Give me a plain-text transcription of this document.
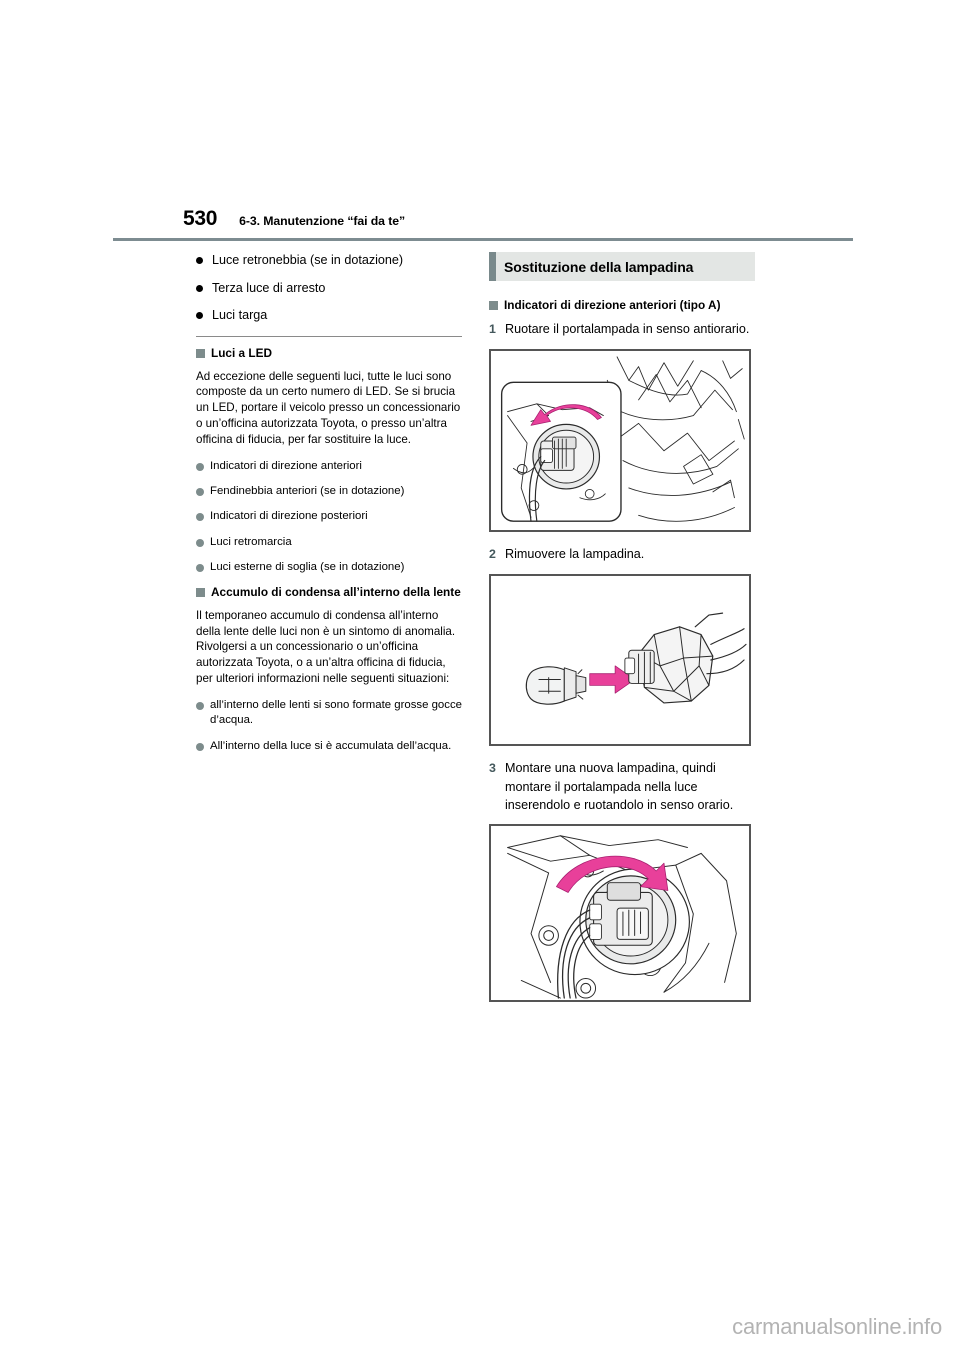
530 6-3. Manutenzione “fai da te”
Luce retronebbia (se in dotazione)
Terza luce di arresto
Luci targa
Luci a LED

Ad eccezione delle seguenti luci, tutte le luci sono composte da un certo numero di LED. Se si brucia un LED, portare il veicolo presso un concessionario o un’officina autorizzata Toyota, o presso un’altra officina di fiducia, per far sostituire la luce.

Indicatori di direzione anteriori
Fendinebbia anteriori (se in dotazione)
Indicatori di direzione posteriori
Luci retromarcia
Luci esterne di soglia (se in dotazione)
Accumulo di condensa all’interno della lente

Il temporaneo accumulo di condensa all’interno della lente delle luci non è un sintomo di anomalia. Rivolgersi a un concessionario o un’officina autorizzata Toyota, o a un’altra officina di fiducia, per ulteriori informazioni nelle seguenti situazioni:

all’interno delle lenti si sono formate grosse gocce d’acqua.
All’interno della luce si è accumulata dell’acqua.
Sostituzione della lampadina
Indicatori di direzione anteriori (tipo A)
1 Ruotare il portalampada in senso antiorario.
2 Rimuovere la lampadina.
3 Montare una nuova lampadina, quindi montare il portalampada nella luce inserendolo e ruotandolo in senso orario.
carmanualsonline.info
